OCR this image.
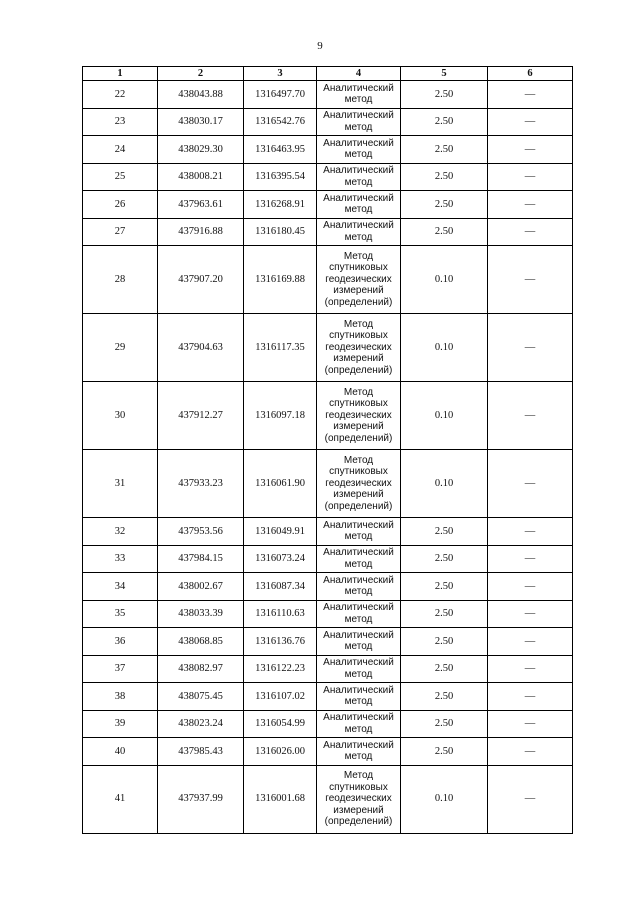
9
1	2	3	4	5	6
22	438043.88	1316497.70	Аналитический метод	2.50	—
23	438030.17	1316542.76	Аналитический метод	2.50	—
24	438029.30	1316463.95	Аналитический метод	2.50	—
25	438008.21	1316395.54	Аналитический метод	2.50	—
26	437963.61	1316268.91	Аналитический метод	2.50	—
27	437916.88	1316180.45	Аналитический метод	2.50	—
28	437907.20	1316169.88	Метод спутниковых геодезических измерений (определений)	0.10	—
29	437904.63	1316117.35	Метод спутниковых геодезических измерений (определений)	0.10	—
30	437912.27	1316097.18	Метод спутниковых геодезических измерений (определений)	0.10	—
31	437933.23	1316061.90	Метод спутниковых геодезических измерений (определений)	0.10	—
32	437953.56	1316049.91	Аналитический метод	2.50	—
33	437984.15	1316073.24	Аналитический метод	2.50	—
34	438002.67	1316087.34	Аналитический метод	2.50	—
35	438033.39	1316110.63	Аналитический метод	2.50	—
36	438068.85	1316136.76	Аналитический метод	2.50	—
37	438082.97	1316122.23	Аналитический метод	2.50	—
38	438075.45	1316107.02	Аналитический метод	2.50	—
39	438023.24	1316054.99	Аналитический метод	2.50	—
40	437985.43	1316026.00	Аналитический метод	2.50	—
41	437937.99	1316001.68	Метод спутниковых геодезических измерений (определений)	0.10	—
